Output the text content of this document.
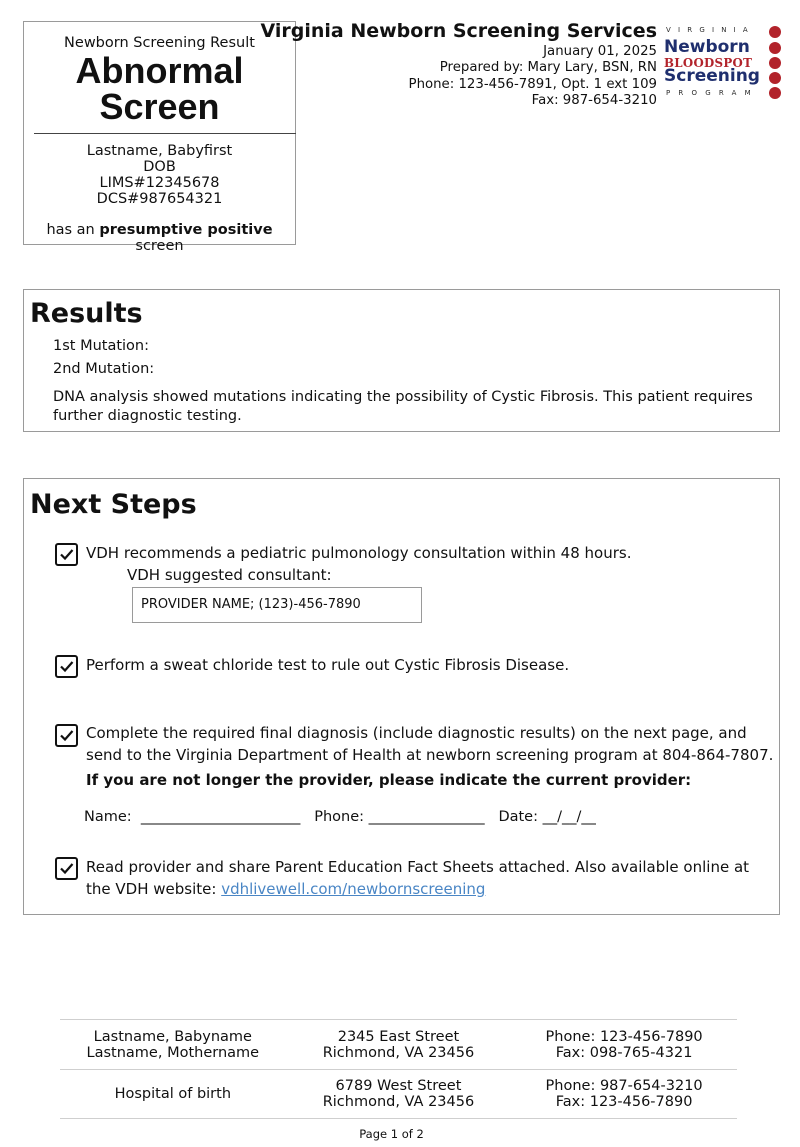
Newborn Screening Result
Abnormal
Screen
Lastname, Babyfirst
DOB
LIMS#12345678
DCS#987654321
has an presumptive positive screen
Virginia Newborn Screening Services
January 01, 2025
Prepared by: Mary Lary, BSN, RN
Phone: 123-456-7891, Opt. 1 ext 109
Fax: 987-654-3210
VIRGINIA
Newborn
BLOODSPOT
Screening
PROGRAM
Results
1st Mutation:
2nd Mutation:
DNA analysis showed mutations indicating the possibility of Cystic Fibrosis. This patient requires further diagnostic testing.
Next Steps
VDH recommends a pediatric pulmonology consultation within 48 hours.
VDH suggested consultant:
PROVIDER NAME; (123)-456-7890
Perform a sweat chloride test to rule out Cystic Fibrosis Disease.
Complete the required final diagnosis (include diagnostic results) on the next page, and send to the Virginia Department of Health at newborn screening program at 804-864-7807.
If you are not longer the provider, please indicate the current provider:
Name:  ______________________   Phone: ________________   Date: __/__/__
Read provider and share Parent Education Fact Sheets attached. Also available online at the VDH website: vdhlivewell.com/newbornscreening
Lastname, Babyname
Lastname, Mothername
2345 East Street
Richmond, VA 23456
Phone: 123-456-7890
Fax: 098-765-4321
Hospital of birth	6789 West Street
Richmond, VA 23456
Phone: 987-654-3210
Fax: 123-456-7890
Page 1 of 2
